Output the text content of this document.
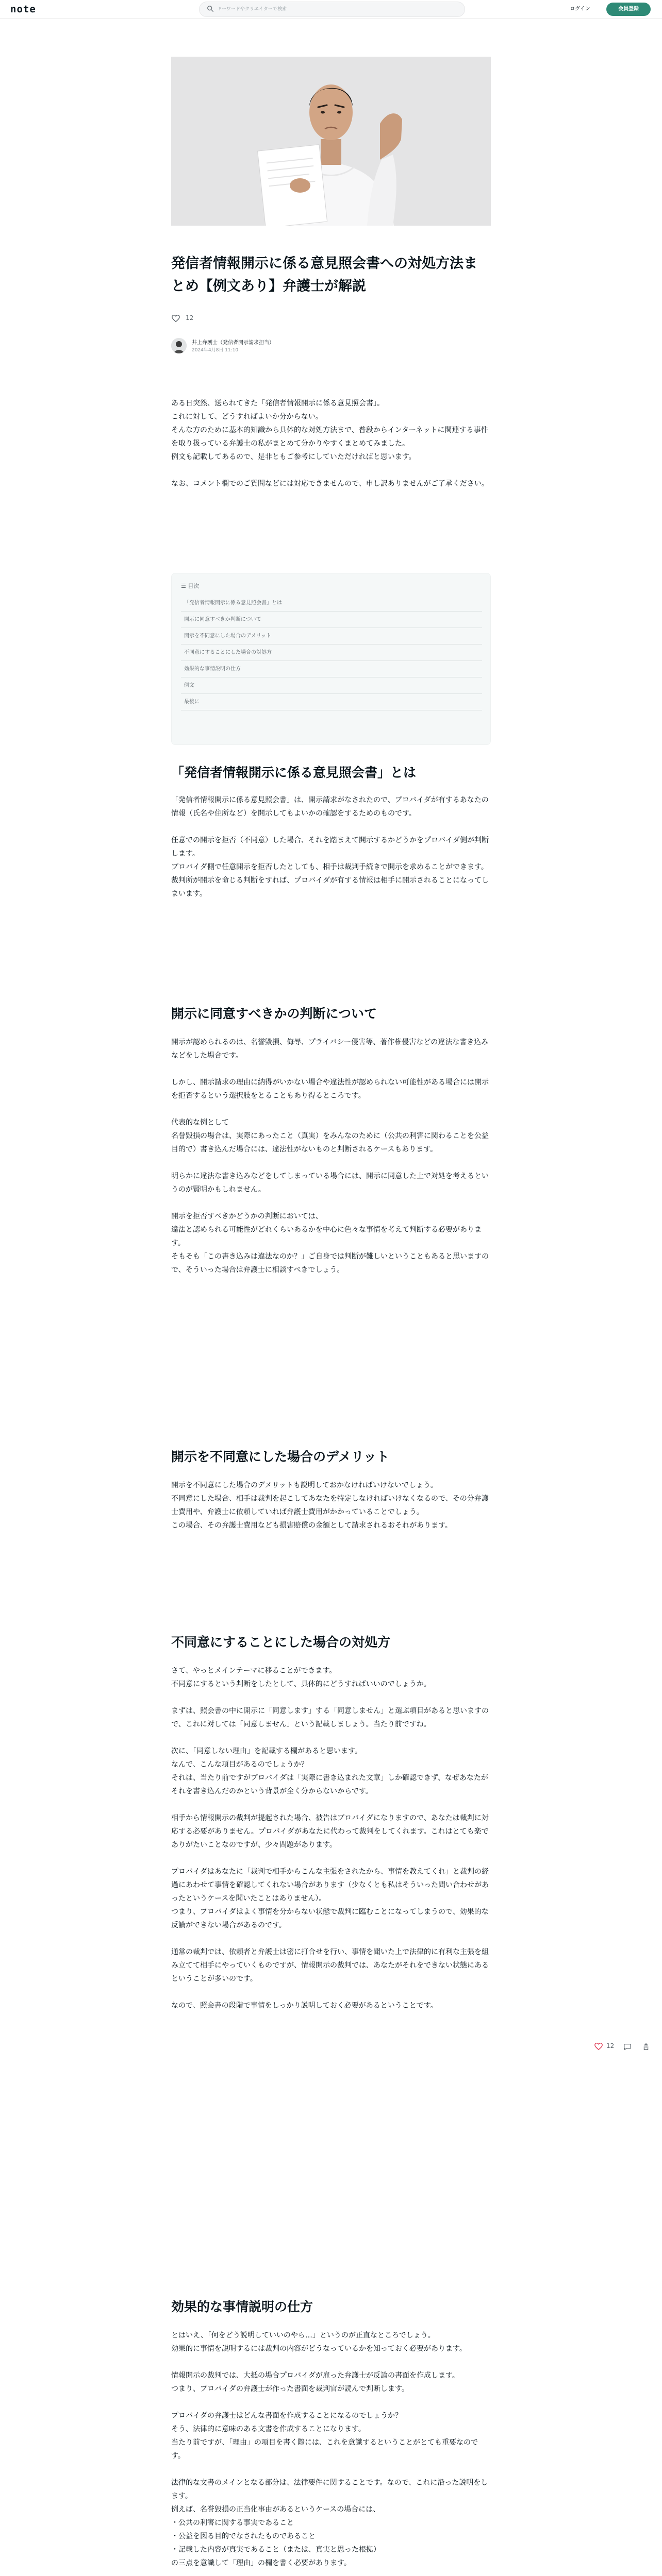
note
キーワードやクリエイターで検索	ログイン	会員登録
発信者情報開示に係る意見照会書への対処方法まとめ【例文あり】弁護士が解説
12
井上弁護士（発信者開示請求担当）
2024年4月8日 11:10

ある日突然、送られてきた「発信者情報開示に係る意見照会書」。

これに対して、どうすればよいか分からない。

そんな方のために基本的知識から具体的な対処方法まで、普段からインターネットに関連する事件を取り扱っている弁護士の私がまとめて分かりやすくまとめてみました。

例文も記載してあるので、是非ともご参考にしていただければと思います。

なお、コメント欄でのご質問などには対応できませんので、申し訳ありませんがご了承ください。

☰ 目次
「発信者情報開示に係る意見照会書」とは
開示に同意すべきか判断について
開示を不同意にした場合のデメリット
不同意にすることにした場合の対処方
効果的な事情説明の仕方
例文
最後に
「発信者情報開示に係る意見照会書」とは

「発信者情報開示に係る意見照会書」は、開示請求がなされたので、プロバイダが有するあなたの情報（氏名や住所など）を開示してもよいかの確認をするためのものです。

任意での開示を拒否（不同意）した場合、それを踏まえて開示するかどうかをプロバイダ側が判断します。

プロバイダ側で任意開示を拒否したとしても、相手は裁判手続きで開示を求めることができます。

裁判所が開示を命じる判断をすれば、プロバイダが有する情報は相手に開示されることになってしまいます。

開示に同意すべきかの判断について

開示が認められるのは、名誉毀損、侮辱、プライバシー侵害等、著作権侵害などの違法な書き込みなどをした場合です。

しかし、開示請求の理由に納得がいかない場合や違法性が認められない可能性がある場合には開示を拒否するという選択肢をとることもあり得るところです。

代表的な例として

名誉毀損の場合は、実際にあったこと（真実）をみんなのために（公共の利害に関わることを公益目的で）書き込んだ場合には、違法性がないものと判断されるケースもあります。

明らかに違法な書き込みなどをしてしまっている場合には、開示に同意した上で対処を考えるというのが賢明かもしれません。

開示を拒否すべきかどうかの判断においては、

違法と認められる可能性がどれくらいあるかを中心に色々な事情を考えて判断する必要があります。

そもそも「この書き込みは違法なのか？」ご自身では判断が難しいということもあると思いますので、そういった場合は弁護士に相談すべきでしょう。

開示を不同意にした場合のデメリット

開示を不同意にした場合のデメリットも説明しておかなければいけないでしょう。

不同意にした場合、相手は裁判を起こしてあなたを特定しなければいけなくなるので、その分弁護士費用や、弁護士に依頼していれば弁護士費用がかかっていることでしょう。

この場合、その弁護士費用なども損害賠償の金額として請求されるおそれがあります。

不同意にすることにした場合の対処方

さて、やっとメインテーマに移ることができます。

不同意にするという判断をしたとして、具体的にどうすればいいのでしょうか。

まずは、照会書の中に開示に「同意します」する「同意しません」と選ぶ項目があると思いますので、これに対しては「同意しません」という記載しましょう。当たり前ですね。

次に、「同意しない理由」を記載する欄があると思います。

なんで、こんな項目があるのでしょうか？

それは、当たり前ですがプロバイダは「実際に書き込まれた文章」しか確認できず、なぜあなたがそれを書き込んだのかという背景が全く分からないからです。

相手から情報開示の裁判が提起された場合、被告はプロバイダになりますので、あなたは裁判に対応する必要がありません。プロバイダがあなたに代わって裁判をしてくれます。これはとても楽でありがたいことなのですが、少々問題があります。

プロバイダはあなたに「裁判で相手からこんな主張をされたから、事情を教えてくれ」と裁判の経過にあわせて事情を確認してくれない場合があります（少なくとも私はそういった問い合わせがあったというケースを聞いたことはありません）。

つまり、プロバイダはよく事情を分からない状態で裁判に臨むことになってしまうので、効果的な反論ができない場合があるのです。

通常の裁判では、依頼者と弁護士は密に打合せを行い、事情を聞いた上で法律的に有利な主張を組み立てて相手にやっていくものですが、情報開示の裁判では、あなたがそれをできない状態にあるということが多いのです。

なので、照会書の段階で事情をしっかり説明しておく必要があるということです。

効果的な事情説明の仕方

とはいえ、「何をどう説明していいのやら…」というのが正直なところでしょう。

効果的に事情を説明するには裁判の内容がどうなっているかを知っておく必要があります。

情報開示の裁判では、大抵の場合プロバイダが雇った弁護士が反論の書面を作成します。

つまり、プロバイダの弁護士が作った書面を裁判官が読んで判断します。

プロバイダの弁護士はどんな書面を作成することになるのでしょうか？

そう、法律的に意味のある文書を作成することになります。

当たり前ですが、「理由」の項目を書く際には、これを意識するということがとても重要なのです。

法律的な文書のメインとなる部分は、法律要件に関することです。なので、これに沿った説明をします。

例えば、名誉毀損の正当化事由があるというケースの場合には、

・公共の利害に関する事実であること

・公益を図る目的でなされたものであること

・記載した内容が真実であること（または、真実と思った根拠）

の三点を意識して「理由」の欄を書く必要があります。

12
